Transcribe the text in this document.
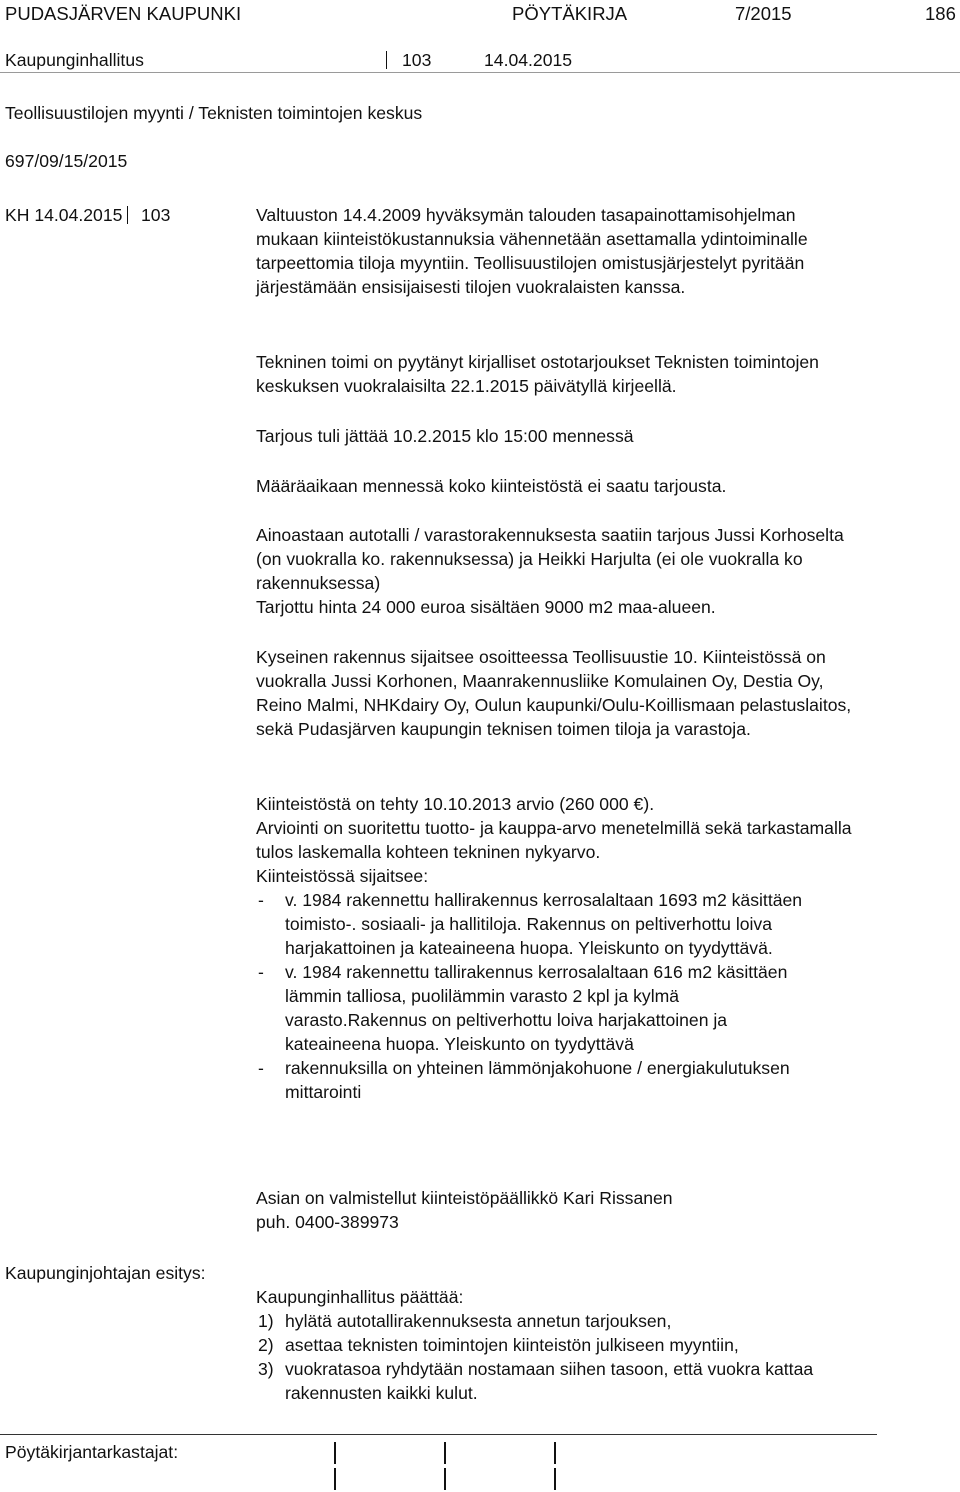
PUDASJÄRVEN KAUPUNKI	PÖYTÄKIRJA	7/2015	186
Kaupunginhallitus	103	14.04.2015
Teollisuustilojen myynti / Teknisten toimintojen keskus
697/09/15/2015
KH 14.04.2015 103	Valtuuston 14.4.2009 hyväksymän talouden tasapainottamisohjelman mukaan kiinteistökustannuksia vähennetään asettamalla ydintoiminalle tarpeettomia tiloja myyntiin. Teollisuustilojen omistusjärjestelyt pyritään järjestämään ensisijaisesti tilojen vuokralaisten kanssa.

Tekninen toimi on pyytänyt kirjalliset ostotarjoukset Teknisten toimintojen keskuksen vuokralaisilta 22.1.2015 päivätyllä kirjeellä.

Tarjous tuli jättää 10.2.2015 klo 15:00 mennessä

Määräaikaan mennessä koko kiinteistöstä ei saatu tarjousta.

Ainoastaan autotalli / varastorakennuksesta saatiin tarjous Jussi Korhoselta (on vuokralla ko. rakennuksessa) ja Heikki Harjulta (ei ole vuokralla ko rakennuksessa)

Tarjottu hinta 24 000 euroa sisältäen 9000 m2 maa-alueen.

Kyseinen rakennus sijaitsee osoitteessa Teollisuustie 10. Kiinteistössä on vuokralla Jussi Korhonen, Maanrakennusliike Komulainen Oy, Destia Oy, Reino Malmi, NHKdairy Oy, Oulun kaupunki/Oulu-Koillismaan pelastuslaitos, sekä Pudasjärven kaupungin teknisen toimen tiloja ja varastoja.

Kiinteistöstä on tehty 10.10.2013 arvio (260 000 €).

Arviointi on suoritettu tuotto- ja kauppa-arvo menetelmillä sekä tarkastamalla tulos laskemalla kohteen tekninen nykyarvo.

Kiinteistössä sijaitsee:

- v. 1984 rakennettu hallirakennus kerrosalaltaan 1693 m2 käsittäen toimisto-. sosiaali- ja hallitiloja. Rakennus on peltiverhottu loiva harjakattoinen ja kateaineena huopa. Yleiskunto on tyydyttävä.
- v. 1984 rakennettu tallirakennus kerrosalaltaan 616 m2 käsittäen lämmin talliosa, puolilämmin varasto 2 kpl ja kylmä varasto.Rakennus on peltiverhottu loiva harjakattoinen ja kateaineena huopa. Yleiskunto on tyydyttävä
- rakennuksilla on yhteinen lämmönjakohuone / energiakulutuksen mittarointi

Asian on valmistellut kiinteistöpäällikkö Kari Rissanen

puh. 0400-389973

Kaupunginjohtajan esitys:

Kaupunginhallitus päättää:

1) hylätä autotallirakennuksesta annetun tarjouksen,
2) asettaa teknisten toimintojen kiinteistön julkiseen myyntiin,
3) vuokratasoa ryhdytään nostamaan siihen tasoon, että vuokra kattaa rakennusten kaikki kulut.
Pöytäkirjantarkastajat:
